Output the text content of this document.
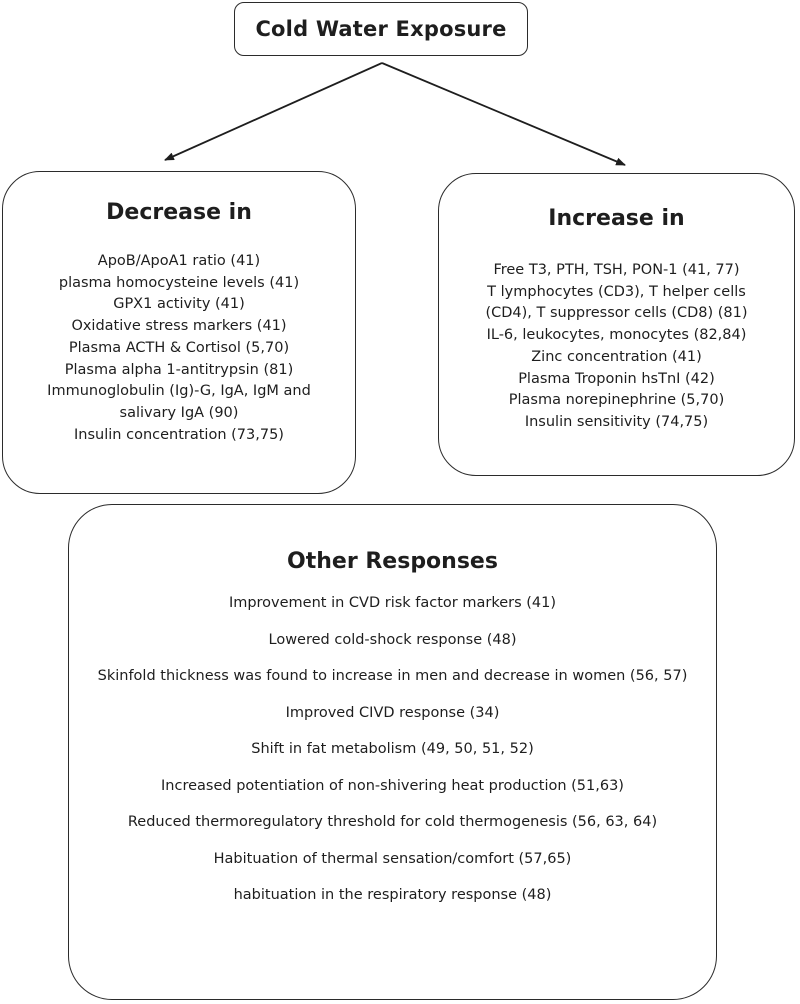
Cold Water Exposure
Decrease in
ApoB/ApoA1 ratio (41)
plasma homocysteine levels (41)
GPX1 activity (41)
Oxidative stress markers (41)
Plasma ACTH & Cortisol (5,70)
Plasma alpha 1-antitrypsin (81)
Immunoglobulin (Ig)-G, IgA, IgM and
salivary IgA (90)
Insulin concentration (73,75)
Increase in
Free T3, PTH, TSH, PON-1 (41, 77)
T lymphocytes (CD3), T helper cells
(CD4), T suppressor cells (CD8) (81)
IL-6, leukocytes, monocytes (82,84)
Zinc concentration (41)
Plasma Troponin hsTnI (42)
Plasma norepinephrine (5,70)
Insulin sensitivity (74,75)
Other Responses
Improvement in CVD risk factor markers (41)
Lowered cold-shock response (48)
Skinfold thickness was found to increase in men and decrease in women (56, 57)
Improved CIVD response (34)
Shift in fat metabolism (49, 50, 51, 52)
Increased potentiation of non-shivering heat production (51,63)
Reduced thermoregulatory threshold for cold thermogenesis (56, 63, 64)
Habituation of thermal sensation/comfort (57,65)
habituation in the respiratory response (48)
